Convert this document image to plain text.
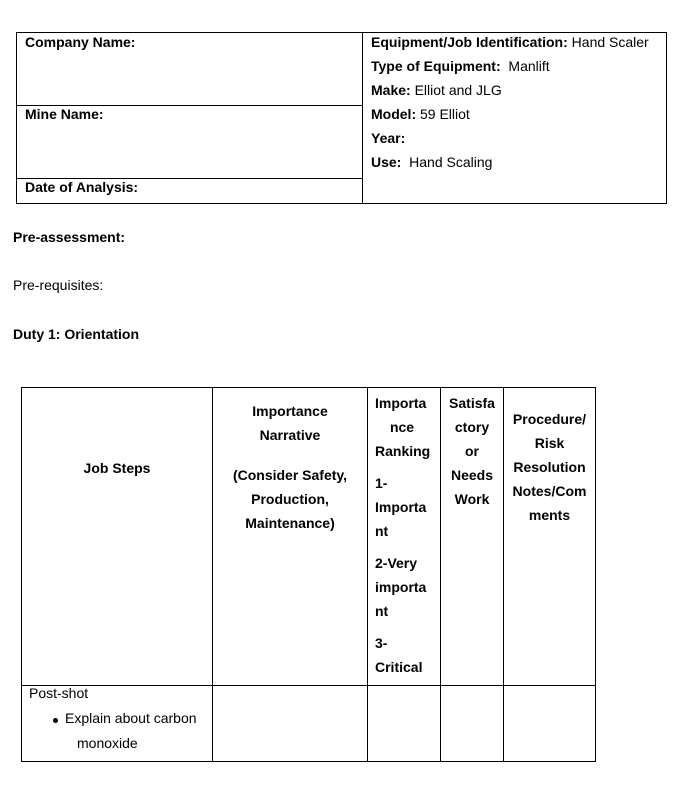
Company Name:
Mine Name:
Date of Analysis:
Equipment/Job Identification: Hand Scaler
Type of Equipment: Manlift
Make: Elliot and JLG
Model: 59 Elliot
Year:
Use: Hand Scaling
Pre-assessment:
Pre-requisites:
Duty 1: Orientation
Job Steps
Importance
Narrative
(Consider Safety,
Production,
Maintenance)
Importa
nce
Ranking
1-
Importa
nt
2-Very
importa
nt
3-
Critical
Satisfa
ctory
or
Needs
Work
Procedure/
Risk
Resolution
Notes/Com
ments
Post-shot
Explain about carbon
monoxide
